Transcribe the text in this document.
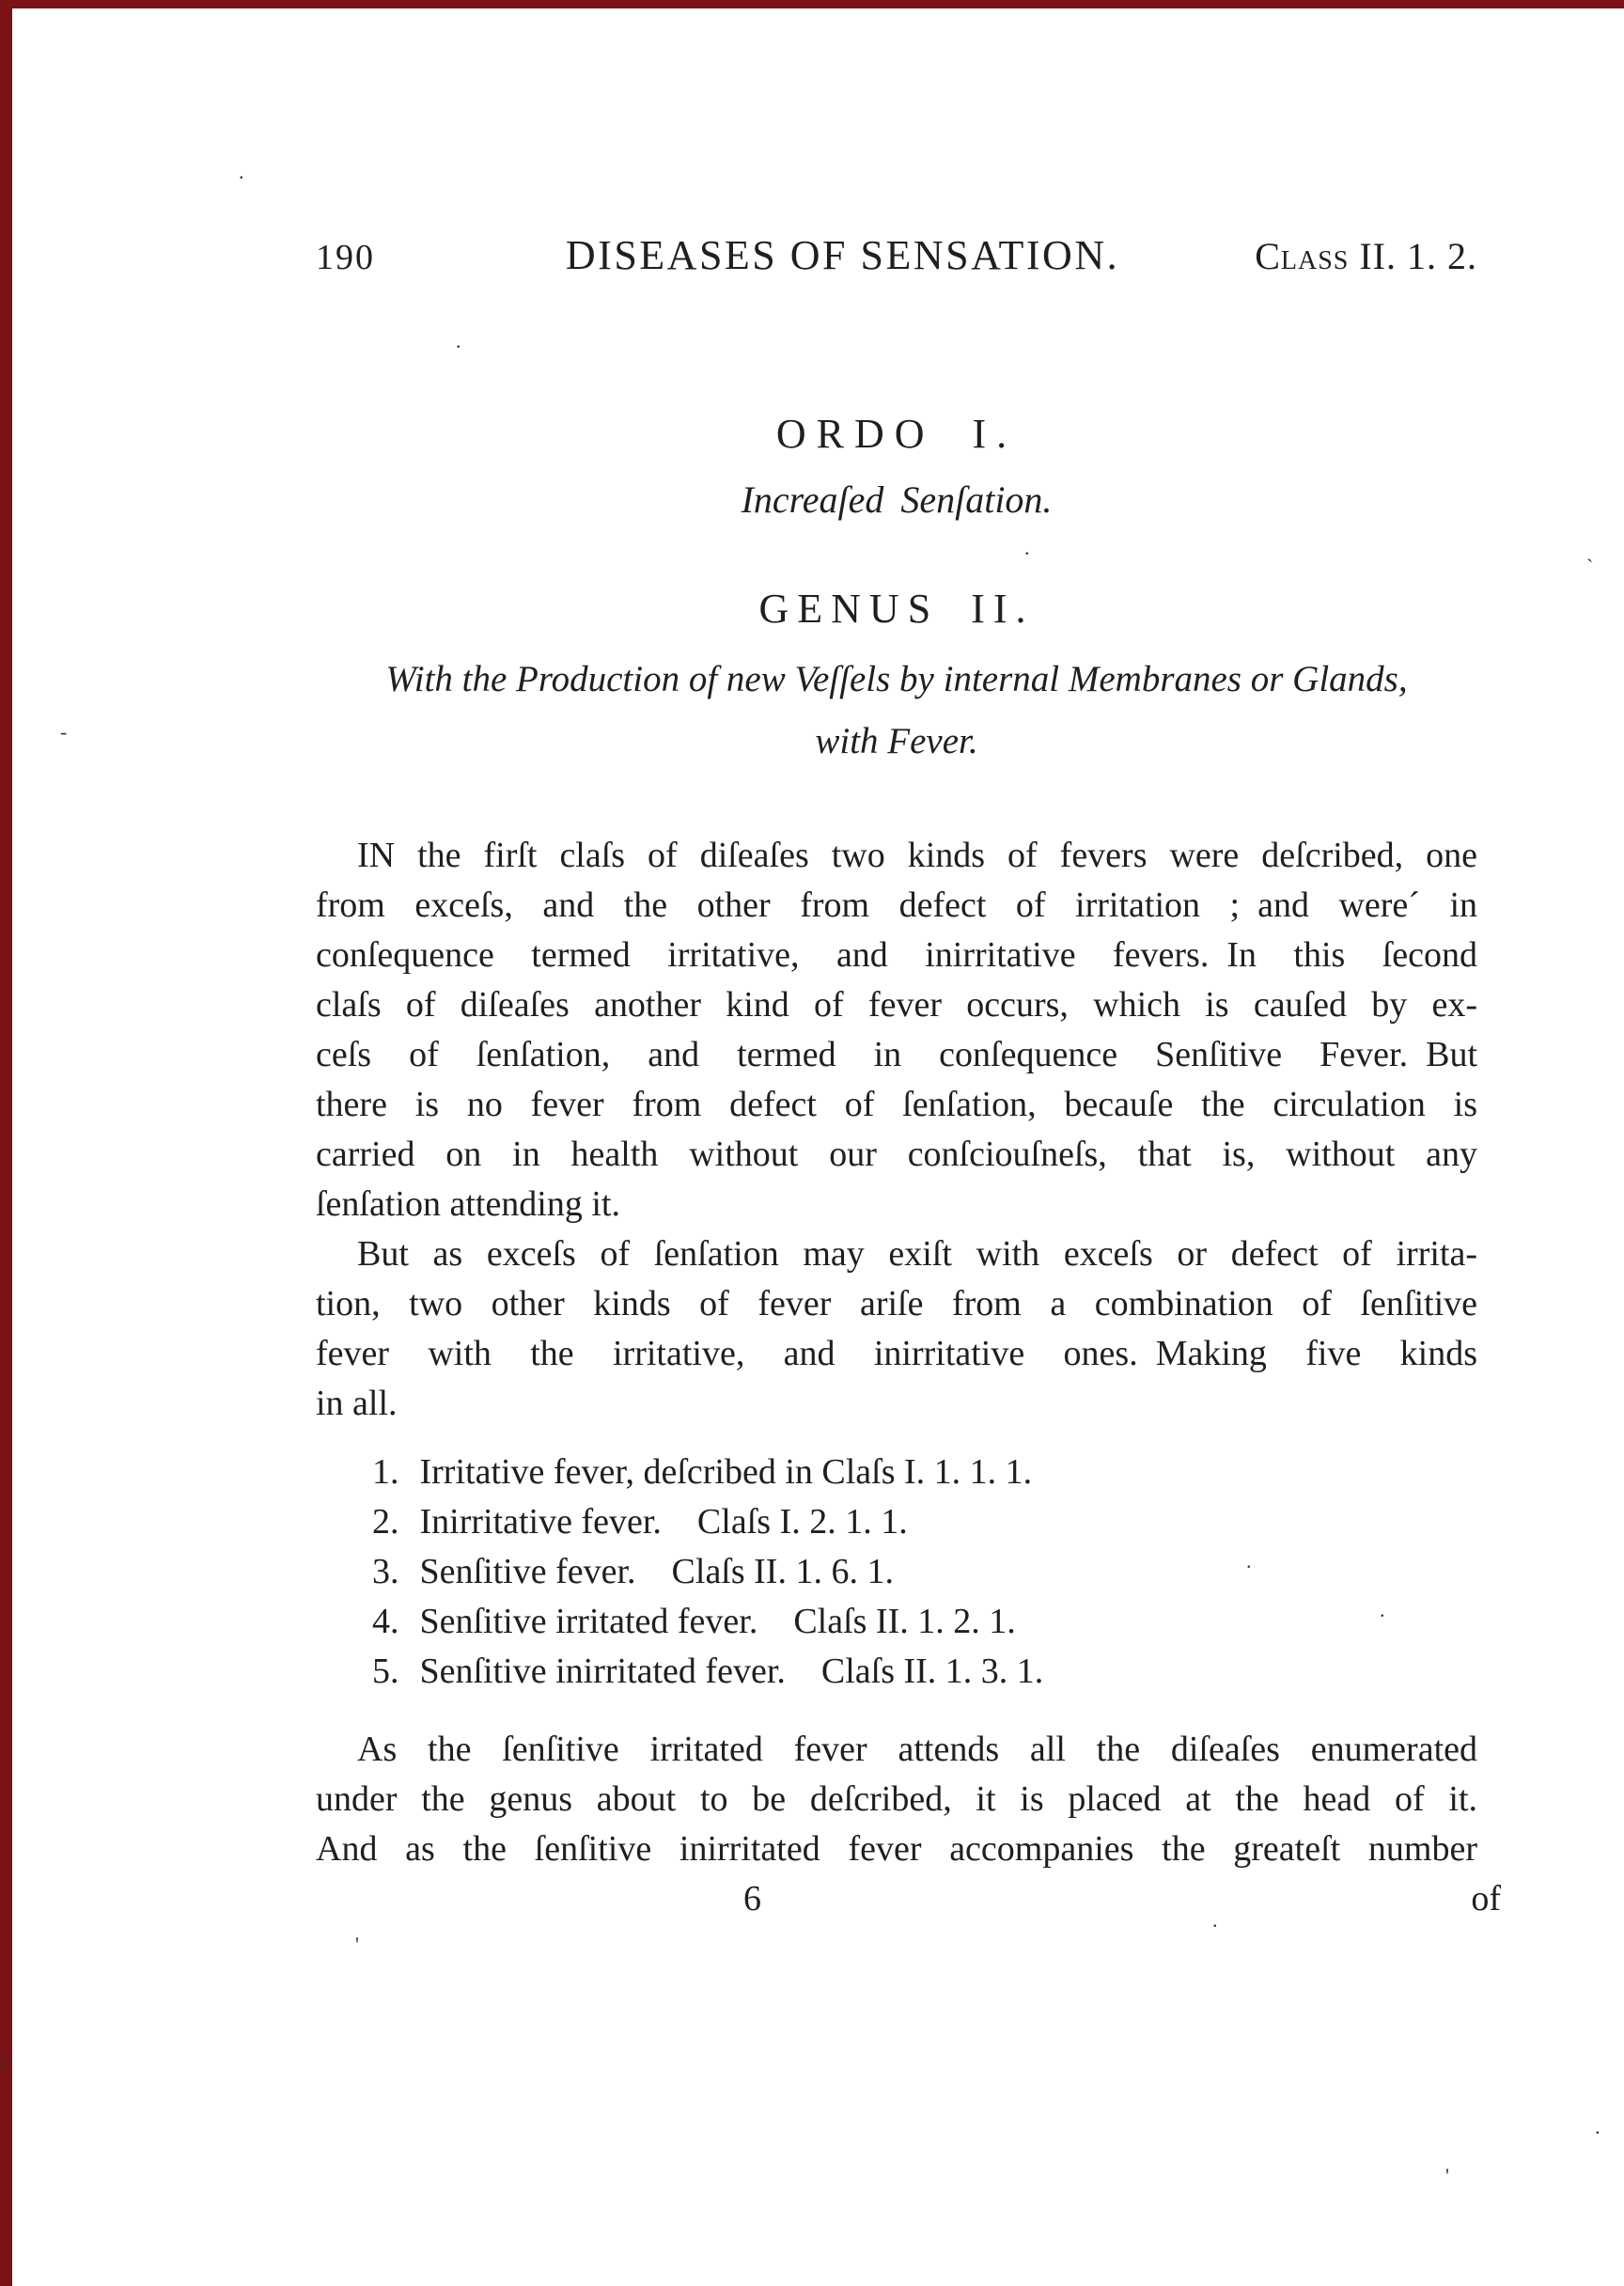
190	DISEASES OF SENSATION.	Class II. 1. 2.
ORDO I.
Increaſed Senſation.
GENUS II.
With the Production of new Veſſels by internal Membranes or Glands,
with Fever.
IN the firſt claſs of diſeaſes two kinds of fevers were deſcribed, one
from exceſs, and the other from defect of irritation ; and were´ in
conſequence termed irritative, and inirritative fevers. In this ſecond
claſs of diſeaſes another kind of fever occurs, which is cauſed by ex-
ceſs of ſenſation, and termed in conſequence Senſitive Fever. But
there is no fever from defect of ſenſation, becauſe the circulation is
carried on in health without our conſciouſneſs, that is, without any
ſenſation attending it.
But as exceſs of ſenſation may exiſt with exceſs or defect of irrita-
tion, two other kinds of fever ariſe from a combination of ſenſitive
fever with the irritative, and inirritative ones. Making five kinds
in all.
1. Irritative fever, deſcribed in Claſs I. 1. 1. 1.
2. Inirritative fever.  Claſs I. 2. 1. 1.
3. Senſitive fever.  Claſs II. 1. 6. 1.
4. Senſitive irritated fever.  Claſs II. 1. 2. 1.
5. Senſitive inirritated fever.  Claſs II. 1. 3. 1.
As the ſenſitive irritated fever attends all the diſeaſes enumerated
under the genus about to be deſcribed, it is placed at the head of it.
And as the ſenſitive inirritated fever accompanies the greateſt number
6	of
.
.
-
`
.
.
.
.
'
|
.
'
